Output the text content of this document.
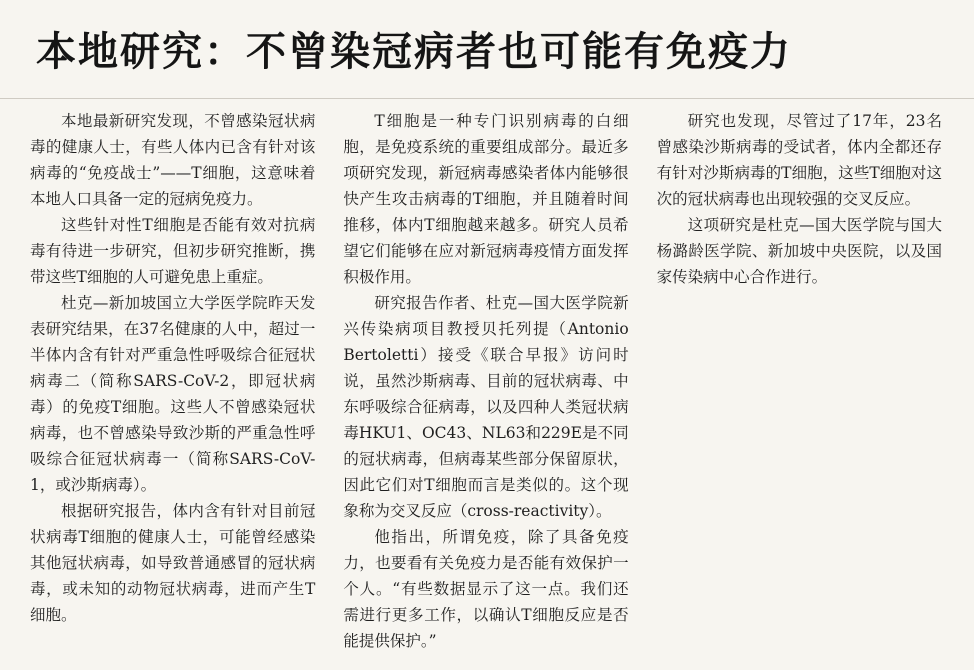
本地研究：不曾染冠病者也可能有免疫力

本地最新研究发现，不曾感染冠状病毒的健康人士，有些人体内已含有针对该病毒的“免疫战士”——T细胞，这意味着本地人口具备一定的冠病免疫力。

这些针对性T细胞是否能有效对抗病毒有待进一步研究，但初步研究推断，携带这些T细胞的人可避免患上重症。

杜克—新加坡国立大学医学院昨天发表研究结果，在37名健康的人中，超过一半体内含有针对严重急性呼吸综合征冠状病毒二（简称SARS-CoV-2，即冠状病毒）的免疫T细胞。这些人不曾感染冠状病毒，也不曾感染导致沙斯的严重急性呼吸综合征冠状病毒一（简称SARS-CoV-1，或沙斯病毒）。

根据研究报告，体内含有针对目前冠状病毒T细胞的健康人士，可能曾经感染其他冠状病毒，如导致普通感冒的冠状病毒，或未知的动物冠状病毒，进而产生T细胞。

T细胞是一种专门识别病毒的白细胞，是免疫系统的重要组成部分。最近多项研究发现，新冠病毒感染者体内能够很快产生攻击病毒的T细胞，并且随着时间推移，体内T细胞越来越多。研究人员希望它们能够在应对新冠病毒疫情方面发挥积极作用。

研究报告作者、杜克—国大医学院新兴传染病项目教授贝托列提（Antonio Bertoletti）接受《联合早报》访问时说，虽然沙斯病毒、目前的冠状病毒、中东呼吸综合征病毒，以及四种人类冠状病毒HKU1、OC43、NL63和229E是不同的冠状病毒，但病毒某些部分保留原状，因此它们对T细胞而言是类似的。这个现象称为交叉反应（cross-reactivity）。

他指出，所谓免疫，除了具备免疫力，也要看有关免疫力是否能有效保护一个人。“有些数据显示了这一点。我们还需进行更多工作，以确认T细胞反应是否能提供保护。”

研究也发现，尽管过了17年，23名曾感染沙斯病毒的受试者，体内全都还存有针对沙斯病毒的T细胞，这些T细胞对这次的冠状病毒也出现较强的交叉反应。

这项研究是杜克—国大医学院与国大杨潞龄医学院、新加坡中央医院，以及国家传染病中心合作进行。
